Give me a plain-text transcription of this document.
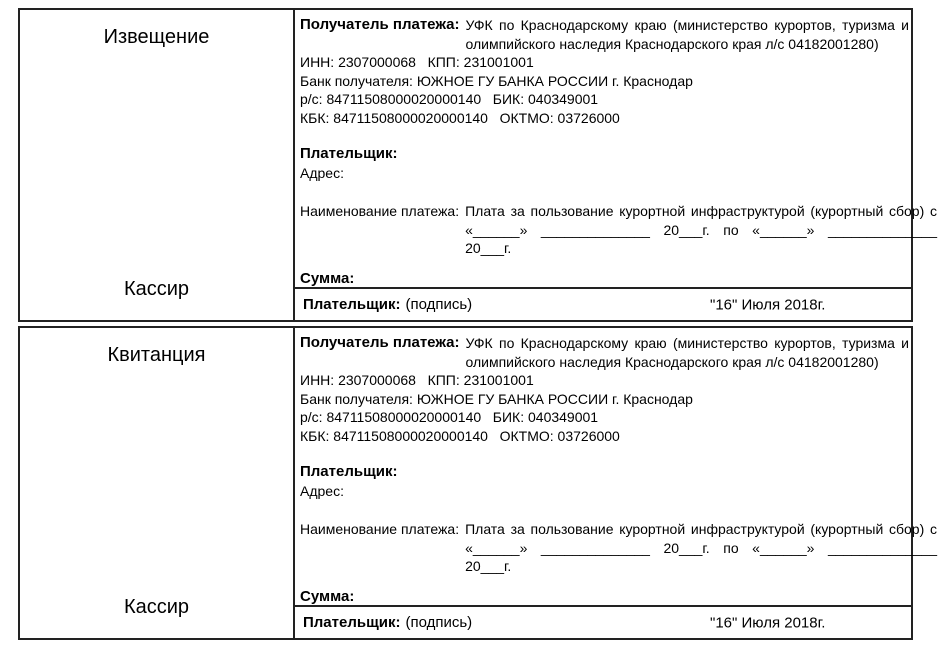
Извещение
Кассир
Получатель платежа: УФК по Краснодарскому краю (министерство курортов, туризма и олимпийского наследия Краснодарского края л/с 04182001280)
ИНН: 2307000068   КПП: 231001001
Банк получателя: ЮЖНОЕ ГУ БАНКА РОССИИ г. Краснодар
р/с: 84711508000020000140   БИК: 040349001
КБК: 84711508000020000140   ОКТМО: 03726000
Плательщик:
Адрес:
Наименование платежа: Плата за пользование курортной инфраструктурой (курортный сбор) с «______» ______________ 20___г. по «______» ______________ 20___г.
Сумма:
Плательщик: (подпись)	"16" Июля 2018г.
Квитанция
Кассир
Получатель платежа: УФК по Краснодарскому краю (министерство курортов, туризма и олимпийского наследия Краснодарского края л/с 04182001280)
ИНН: 2307000068   КПП: 231001001
Банк получателя: ЮЖНОЕ ГУ БАНКА РОССИИ г. Краснодар
р/с: 84711508000020000140   БИК: 040349001
КБК: 84711508000020000140   ОКТМО: 03726000
Плательщик:
Адрес:
Наименование платежа: Плата за пользование курортной инфраструктурой (курортный сбор) с «______» ______________ 20___г. по «______» ______________ 20___г.
Сумма:
Плательщик: (подпись)	"16" Июля 2018г.
